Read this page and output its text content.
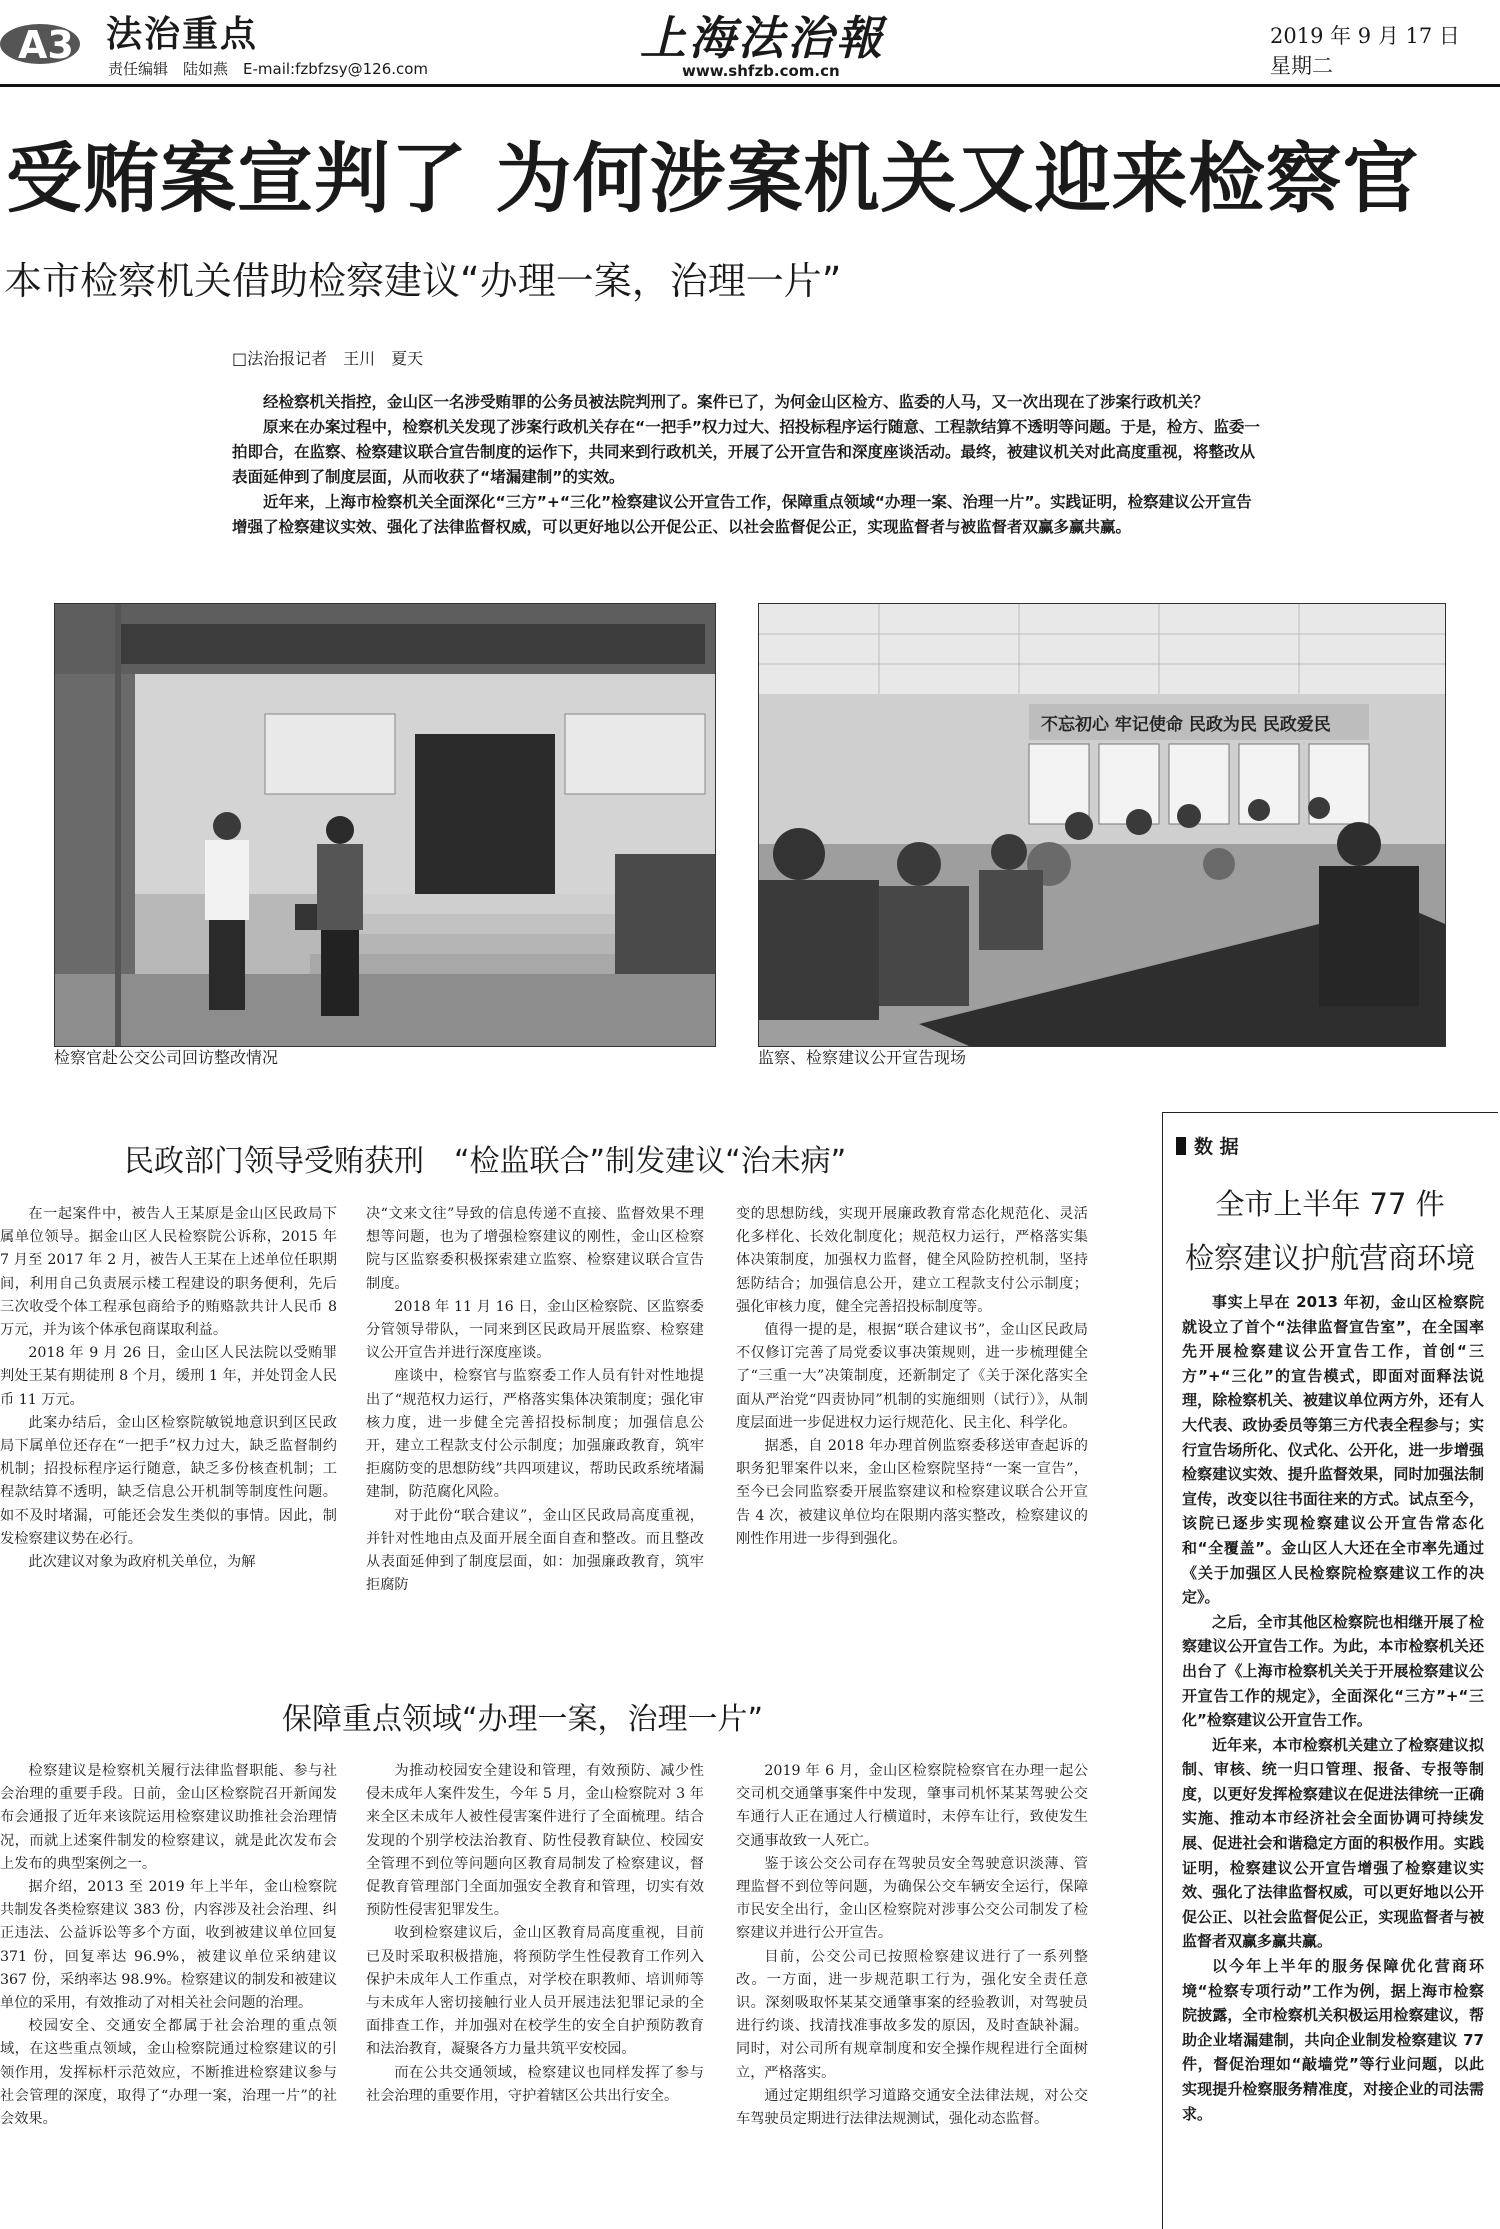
A3 法治重点
责任编辑　陆如燕　E-mail:fzbfzsy@126.com
上海法治報
www.shfzb.com.cn
2019 年 9 月 17 日　星期二
受贿案宣判了 为何涉案机关又迎来检察官
本市检察机关借助检察建议“办理一案，治理一片”
□法治报记者　王川　夏天

经检察机关指控，金山区一名涉受贿罪的公务员被法院判刑了。案件已了，为何金山区检方、监委的人马，又一次出现在了涉案行政机关？

原来在办案过程中，检察机关发现了涉案行政机关存在“一把手”权力过大、招投标程序运行随意、工程款结算不透明等问题。于是，检方、监委一拍即合，在监察、检察建议联合宣告制度的运作下，共同来到行政机关，开展了公开宣告和深度座谈活动。最终，被建议机关对此高度重视，将整改从表面延伸到了制度层面，从而收获了“堵漏建制”的实效。

近年来，上海市检察机关全面深化“三方”+“三化”检察建议公开宣告工作，保障重点领域“办理一案、治理一片”。实践证明，检察建议公开宣告增强了检察建议实效、强化了法律监督权威，可以更好地以公开促公正、以社会监督促公正，实现监督者与被监督者双赢多赢共赢。

检察官赴公交公司回访整改情况
不忘初心 牢记使命 民政为民 民政爱民
监察、检察建议公开宣告现场
民政部门领导受贿获刑　“检监联合”制发建议“治未病”

在一起案件中，被告人王某原是金山区民政局下属单位领导。据金山区人民检察院公诉称，2015 年 7 月至 2017 年 2 月，被告人王某在上述单位任职期间，利用自己负责展示楼工程建设的职务便利，先后三次收受个体工程承包商给予的贿赂款共计人民币 8 万元，并为该个体承包商谋取利益。

2018 年 9 月 26 日，金山区人民法院以受贿罪判处王某有期徒刑 8 个月，缓刑 1 年，并处罚金人民币 11 万元。

此案办结后，金山区检察院敏锐地意识到区民政局下属单位还存在“一把手”权力过大，缺乏监督制约机制；招投标程序运行随意，缺乏多份核查机制；工程款结算不透明，缺乏信息公开机制等制度性问题。如不及时堵漏，可能还会发生类似的事情。因此，制发检察建议势在必行。

此次建议对象为政府机关单位，为解

决“文来文往”导致的信息传递不直接、监督效果不理想等问题，也为了增强检察建议的刚性，金山区检察院与区监察委积极探索建立监察、检察建议联合宣告制度。

2018 年 11 月 16 日，金山区检察院、区监察委分管领导带队，一同来到区民政局开展监察、检察建议公开宣告并进行深度座谈。

座谈中，检察官与监察委工作人员有针对性地提出了“规范权力运行，严格落实集体决策制度；强化审核力度，进一步健全完善招投标制度；加强信息公开，建立工程款支付公示制度；加强廉政教育，筑牢拒腐防变的思想防线”共四项建议，帮助民政系统堵漏建制，防范腐化风险。

对于此份“联合建议”，金山区民政局高度重视，并针对性地由点及面开展全面自查和整改。而且整改从表面延伸到了制度层面，如：加强廉政教育，筑牢拒腐防

变的思想防线，实现开展廉政教育常态化规范化、灵活化多样化、长效化制度化；规范权力运行，严格落实集体决策制度，加强权力监督，健全风险防控机制，坚持惩防结合；加强信息公开，建立工程款支付公示制度；强化审核力度，健全完善招投标制度等。

值得一提的是，根据“联合建议书”，金山区民政局不仅修订完善了局党委议事决策规则，进一步梳理健全了“三重一大”决策制度，还新制定了《关于深化落实全面从严治党“四责协同”机制的实施细则（试行）》，从制度层面进一步促进权力运行规范化、民主化、科学化。

据悉，自 2018 年办理首例监察委移送审查起诉的职务犯罪案件以来，金山区检察院坚持“一案一宣告”，至今已会同监察委开展监察建议和检察建议联合公开宣告 4 次，被建议单位均在限期内落实整改，检察建议的刚性作用进一步得到强化。

保障重点领域“办理一案，治理一片”

检察建议是检察机关履行法律监督职能、参与社会治理的重要手段。日前，金山区检察院召开新闻发布会通报了近年来该院运用检察建议助推社会治理情况，而就上述案件制发的检察建议，就是此次发布会上发布的典型案例之一。

据介绍，2013 至 2019 年上半年，金山检察院共制发各类检察建议 383 份，内容涉及社会治理、纠正违法、公益诉讼等多个方面，收到被建议单位回复 371 份，回复率达 96.9%，被建议单位采纳建议 367 份，采纳率达 98.9%。检察建议的制发和被建议单位的采用，有效推动了对相关社会问题的治理。

校园安全、交通安全都属于社会治理的重点领域，在这些重点领域，金山检察院通过检察建议的引领作用，发挥标杆示范效应，不断推进检察建议参与社会管理的深度，取得了“办理一案，治理一片”的社会效果。

为推动校园安全建设和管理，有效预防、减少性侵未成年人案件发生，今年 5 月，金山检察院对 3 年来全区未成年人被性侵害案件进行了全面梳理。结合发现的个别学校法治教育、防性侵教育缺位、校园安全管理不到位等问题向区教育局制发了检察建议，督促教育管理部门全面加强安全教育和管理，切实有效预防性侵害犯罪发生。

收到检察建议后，金山区教育局高度重视，目前已及时采取积极措施，将预防学生性侵教育工作列入保护未成年人工作重点，对学校在职教师、培训师等与未成年人密切接触行业人员开展违法犯罪记录的全面排查工作，并加强对在校学生的安全自护预防教育和法治教育，凝聚各方力量共筑平安校园。

而在公共交通领域，检察建议也同样发挥了参与社会治理的重要作用，守护着辖区公共出行安全。

2019 年 6 月，金山区检察院检察官在办理一起公交司机交通肇事案件中发现，肇事司机怀某某驾驶公交车通行人正在通过人行横道时，未停车让行，致使发生交通事故致一人死亡。

鉴于该公交公司存在驾驶员安全驾驶意识淡薄、管理监督不到位等问题，为确保公交车辆安全运行，保障市民安全出行，金山区检察院对涉事公交公司制发了检察建议并进行公开宣告。

目前，公交公司已按照检察建议进行了一系列整改。一方面，进一步规范职工行为，强化安全责任意识。深刻吸取怀某某交通肇事案的经验教训，对驾驶员进行约谈、找清找准事故多发的原因，及时查缺补漏。同时，对公司所有规章制度和安全操作规程进行全面树立，严格落实。

通过定期组织学习道路交通安全法律法规，对公交车驾驶员定期进行法律法规测试，强化动态监督。

数 据
全市上半年 77 件
检察建议护航营商环境

事实上早在 2013 年初，金山区检察院就设立了首个“法律监督宣告室”，在全国率先开展检察建议公开宣告工作，首创“三方”+“三化”的宣告模式，即面对面释法说理，除检察机关、被建议单位两方外，还有人大代表、政协委员等第三方代表全程参与；实行宣告场所化、仪式化、公开化，进一步增强检察建议实效、提升监督效果，同时加强法制宣传，改变以往书面往来的方式。试点至今，该院已逐步实现检察建议公开宣告常态化和“全覆盖”。金山区人大还在全市率先通过《关于加强区人民检察院检察建议工作的决定》。

之后，全市其他区检察院也相继开展了检察建议公开宣告工作。为此，本市检察机关还出台了《上海市检察机关关于开展检察建议公开宣告工作的规定》，全面深化“三方”+“三化”检察建议公开宣告工作。

近年来，本市检察机关建立了检察建议拟制、审核、统一归口管理、报备、专报等制度，以更好发挥检察建议在促进法律统一正确实施、推动本市经济社会全面协调可持续发展、促进社会和谐稳定方面的积极作用。实践证明，检察建议公开宣告增强了检察建议实效、强化了法律监督权威，可以更好地以公开促公正、以社会监督促公正，实现监督者与被监督者双赢多赢共赢。

以今年上半年的服务保障优化营商环境“检察专项行动”工作为例，据上海市检察院披露，全市检察机关积极运用检察建议，帮助企业堵漏建制，共向企业制发检察建议 77 件，督促治理如“敲墙党”等行业问题，以此实现提升检察服务精准度，对接企业的司法需求。
